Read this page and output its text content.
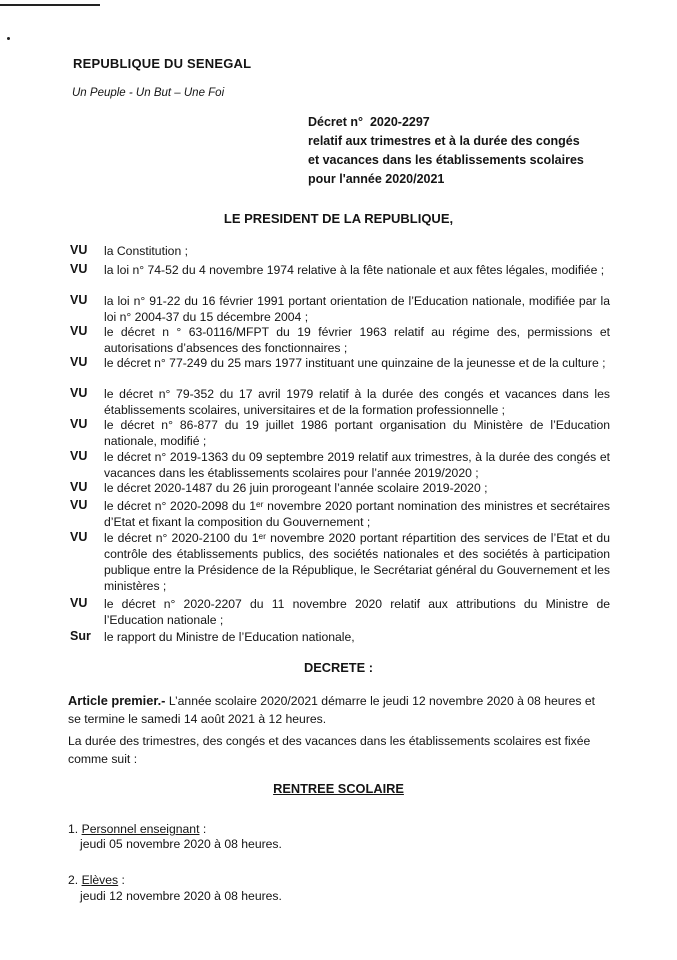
REPUBLIQUE DU SENEGAL
Un Peuple - Un But – Une Foi
Décret n° 2020-2297
relatif aux trimestres et à la durée des congés
et vacances dans les établissements scolaires
pour l'année 2020/2021
LE PRESIDENT DE LA REPUBLIQUE,
VU la Constitution ;
VU la loi n° 74-52 du 4 novembre 1974 relative à la fête nationale et aux fêtes légales, modifiée ;
VU la loi n° 91-22 du 16 février 1991 portant orientation de l’Education nationale, modifiée par la loi n° 2004-37 du 15 décembre 2004 ;
VU le décret n ° 63-0116/MFPT du 19 février 1963 relatif au régime des, permissions et autorisations d’absences des fonctionnaires ;
VU le décret n° 77-249 du 25 mars 1977 instituant une quinzaine de la jeunesse et de la culture ;
VU le décret n° 79-352 du 17 avril 1979 relatif à la durée des congés et vacances dans les établissements scolaires, universitaires et de la formation professionnelle ;
VU le décret n° 86-877 du 19 juillet 1986 portant organisation du Ministère de l’Education nationale, modifié ;
VU le décret n° 2019-1363 du 09 septembre 2019 relatif aux trimestres, à la durée des congés et vacances dans les établissements scolaires pour l’année 2019/2020 ;
VU le décret 2020-1487 du 26 juin prorogeant l’année scolaire 2019-2020 ;
VU le décret n° 2020-2098 du 1ᵉʳ novembre 2020 portant nomination des ministres et secrétaires d’Etat et fixant la composition du Gouvernement ;
VU le décret n° 2020-2100 du 1ᵉʳ novembre 2020 portant répartition des services de l’Etat et du contrôle des établissements publics, des sociétés nationales et des sociétés à participation publique entre la Présidence de la République, le Secrétariat général du Gouvernement et les ministères ;
VU le décret n° 2020-2207 du 11 novembre 2020 relatif aux attributions du Ministre de l’Education nationale ;
Sur le rapport du Ministre de l’Education nationale,
DECRETE :
Article premier.- L’année scolaire 2020/2021 démarre le jeudi 12 novembre 2020 à 08 heures et se termine le samedi 14 août 2021 à 12 heures.
La durée des trimestres, des congés et des vacances dans les établissements scolaires est fixée comme suit :
RENTREE SCOLAIRE
1. Personnel enseignant :
jeudi 05 novembre 2020 à 08 heures.
2. Elèves :
jeudi 12 novembre 2020 à 08 heures.
